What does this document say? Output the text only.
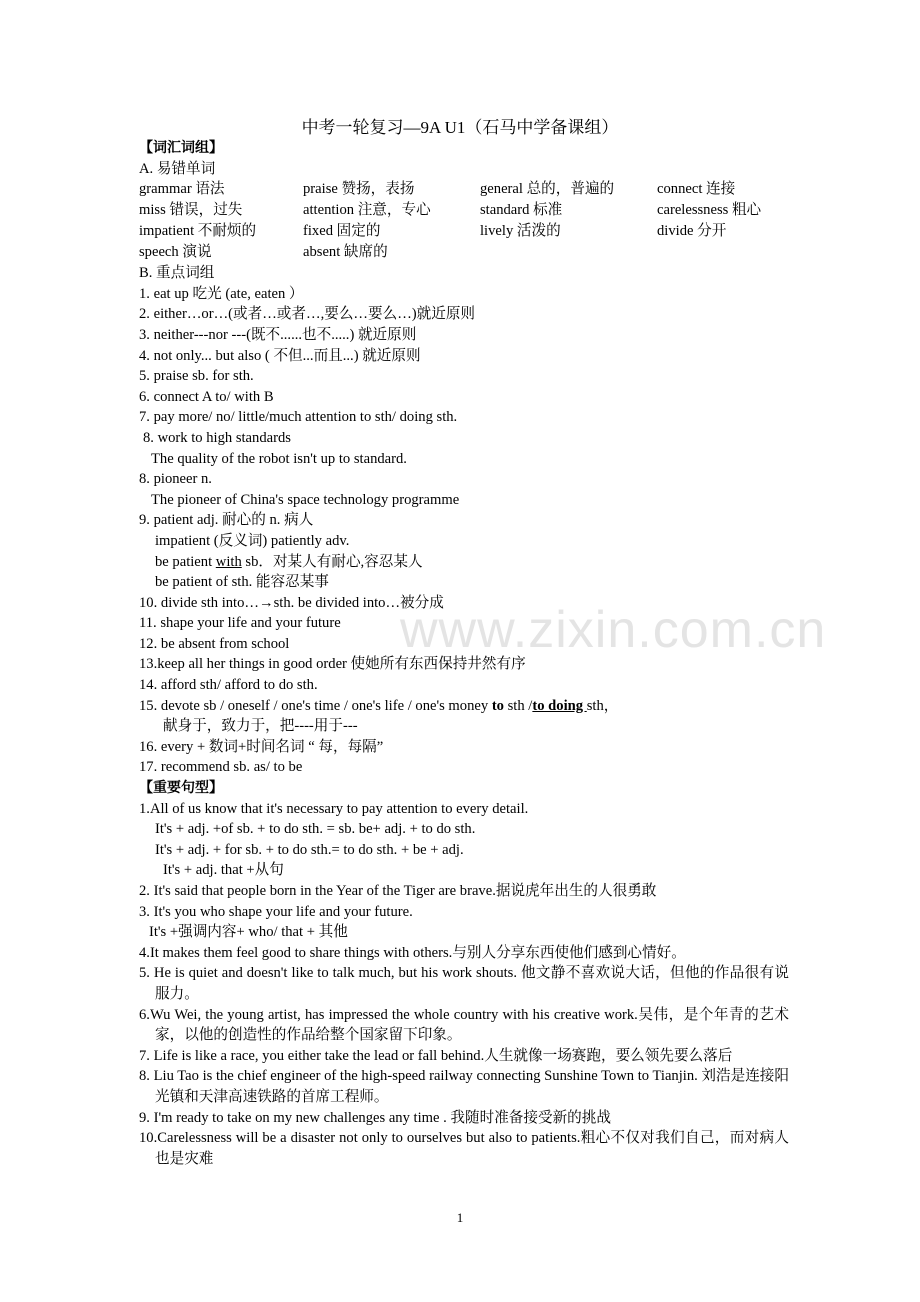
www.zixin.com.cn
中考一轮复习—9A U1（石马中学备课组）
【词汇词组】
A. 易错单词
grammar 语法	praise 赞扬，表扬	general 总的，普遍的	connect 连接
miss 错误，过失	attention 注意，专心	standard 标准	carelessness 粗心
impatient 不耐烦的	fixed 固定的	lively 活泼的	divide 分开
speech 演说	absent 缺席的
B. 重点词组
1. eat up 吃光 (ate, eaten ）
2. either…or…(或者…或者…,要么…要么…)就近原则
3. neither---nor ---(既不......也不.....) 就近原则
4. not only... but also ( 不但...而且...) 就近原则
5. praise sb. for sth.
6. connect A to/ with B
7. pay more/ no/ little/much attention to sth/ doing sth.
8. work to high standards
The quality of the robot isn't up to standard.
8. pioneer n.
The pioneer of China's space technology programme
9. patient adj. 耐心的 n. 病人
impatient (反义词) patiently adv.
be patient with sb．对某人有耐心,容忍某人
be patient of sth. 能容忍某事
10. divide sth into…→sth. be divided into…被分成
11. shape your life and your future
12. be absent from school
13.keep all her things in good order 使她所有东西保持井然有序
14. afford sth/ afford to do sth.
15. devote sb / oneself / one's time / one's life / one's money to sth /to doing sth，
献身于，致力于，把----用于---
16. every + 数词+时间名词 “ 每，每隔”
17. recommend sb. as/ to be
【重要句型】
1.All of us know that it's necessary to pay attention to every detail.
It's + adj. +of sb. + to do sth. = sb. be+ adj. + to do sth.
It's + adj. + for sb. + to do sth.= to do sth. + be + adj.
It's + adj. that +从句
2. It's said that people born in the Year of the Tiger are brave.据说虎年出生的人很勇敢
3. It's you who shape your life and your future.
It's +强调内容+ who/ that + 其他
4.It makes them feel good to share things with others.与别人分享东西使他们感到心情好。
5. He is quiet and doesn't like to talk much, but his work shouts. 他文静不喜欢说大话，但他的作品很有说服力。
6.Wu Wei, the young artist, has impressed the whole country with his creative work.吴伟，是个年青的艺术家，以他的创造性的作品给整个国家留下印象。
7. Life is like a race, you either take the lead or fall behind.人生就像一场赛跑，要么领先要么落后
8. Liu Tao is the chief engineer of the high-speed railway connecting Sunshine Town to Tianjin. 刘浩是连接阳光镇和天津高速铁路的首席工程师。
9. I'm ready to take on my new challenges any time . 我随时准备接受新的挑战
10.Carelessness will be a disaster not only to ourselves but also to patients.粗心不仅对我们自己，而对病人也是灾难
1
